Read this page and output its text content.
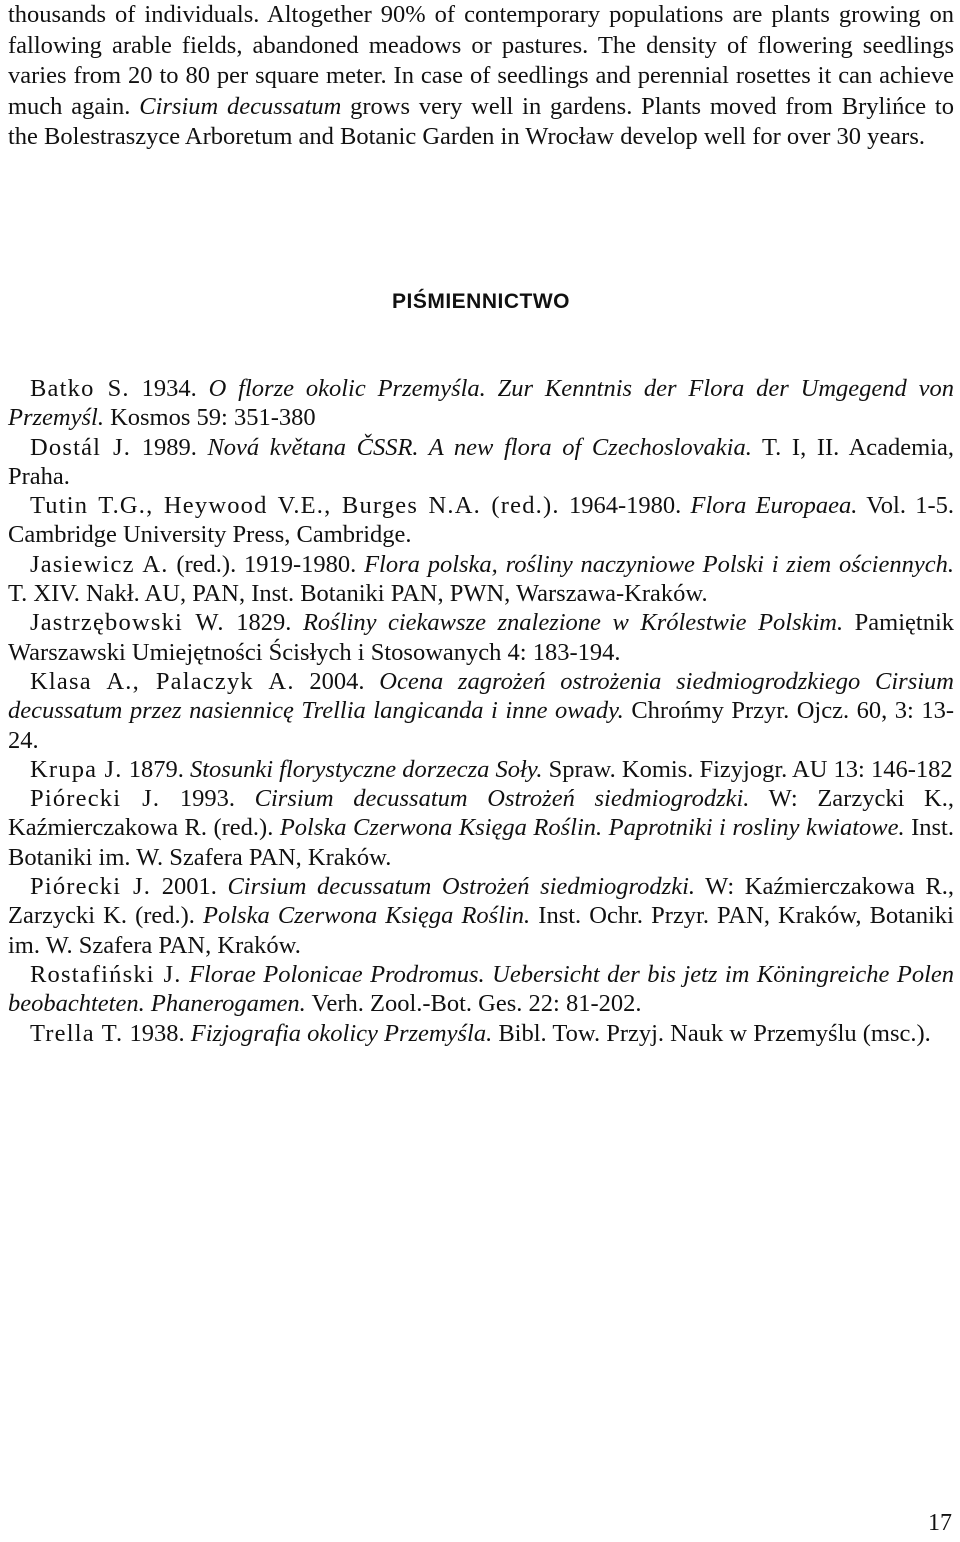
thousands of individuals. Altogether 90% of contemporary populations are plants growing on fallowing arable fields, abandoned meadows or pastures. The density of flowering seedlings varies from 20 to 80 per square meter. In case of seedlings and perennial rosettes it can achieve much again. Cirsium decussatum grows very well in gardens. Plants moved from Brylińce to the Bolestraszyce Arboretum and Botanic Garden in Wrocław develop well for over 30 years.

PIŚMIENNICTWO

Batko S. 1934. O florze okolic Przemyśla. Zur Kenntnis der Flora der Umgegend von Przemyśl. Kosmos 59: 351-380

Dostál J. 1989. Nová květana ČSSR. A new flora of Czechoslovakia. T. I, II. Academia, Praha.

Tutin T.G., Heywood V.E., Burges N.A. (red.). 1964-1980. Flora Europaea. Vol. 1-5. Cambridge University Press, Cambridge.

Jasiewicz A. (red.). 1919-1980. Flora polska, rośliny naczyniowe Polski i ziem ościennych. T. XIV. Nakł. AU, PAN, Inst. Botaniki PAN, PWN, Warszawa-Kraków.

Jastrzębowski W. 1829. Rośliny ciekawsze znalezione w Królestwie Polskim. Pamiętnik Warszawski Umiejętności Ścisłych i Stosowanych 4: 183-194.

Klasa A., Palaczyk A. 2004. Ocena zagrożeń ostrożenia siedmiogrodzkiego Cirsium decussatum przez nasiennicę Trellia langicanda i inne owady. Chrońmy Przyr. Ojcz. 60, 3: 13-24.

Krupa J. 1879. Stosunki florystyczne dorzecza Soły. Spraw. Komis. Fizyjogr. AU 13: 146-182

Piórecki J. 1993. Cirsium decussatum Ostrożeń siedmiogrodzki. W: Zarzycki K., Kaźmierczakowa R. (red.). Polska Czerwona Księga Roślin. Paprotniki i rosliny kwiatowe. Inst. Botaniki im. W. Szafera PAN, Kraków.

Piórecki J. 2001. Cirsium decussatum Ostrożeń siedmiogrodzki. W: Kaźmierczakowa R., Zarzycki K. (red.). Polska Czerwona Księga Roślin. Inst. Ochr. Przyr. PAN, Kraków, Botaniki im. W. Szafera PAN, Kraków.

Rostafiński J. Florae Polonicae Prodromus. Uebersicht der bis jetz im Köningreiche Polen beobachteten. Phanerogamen. Verh. Zool.-Bot. Ges. 22: 81-202.

Trella T. 1938. Fizjografia okolicy Przemyśla. Bibl. Tow. Przyj. Nauk w Przemyślu (msc.).

17
